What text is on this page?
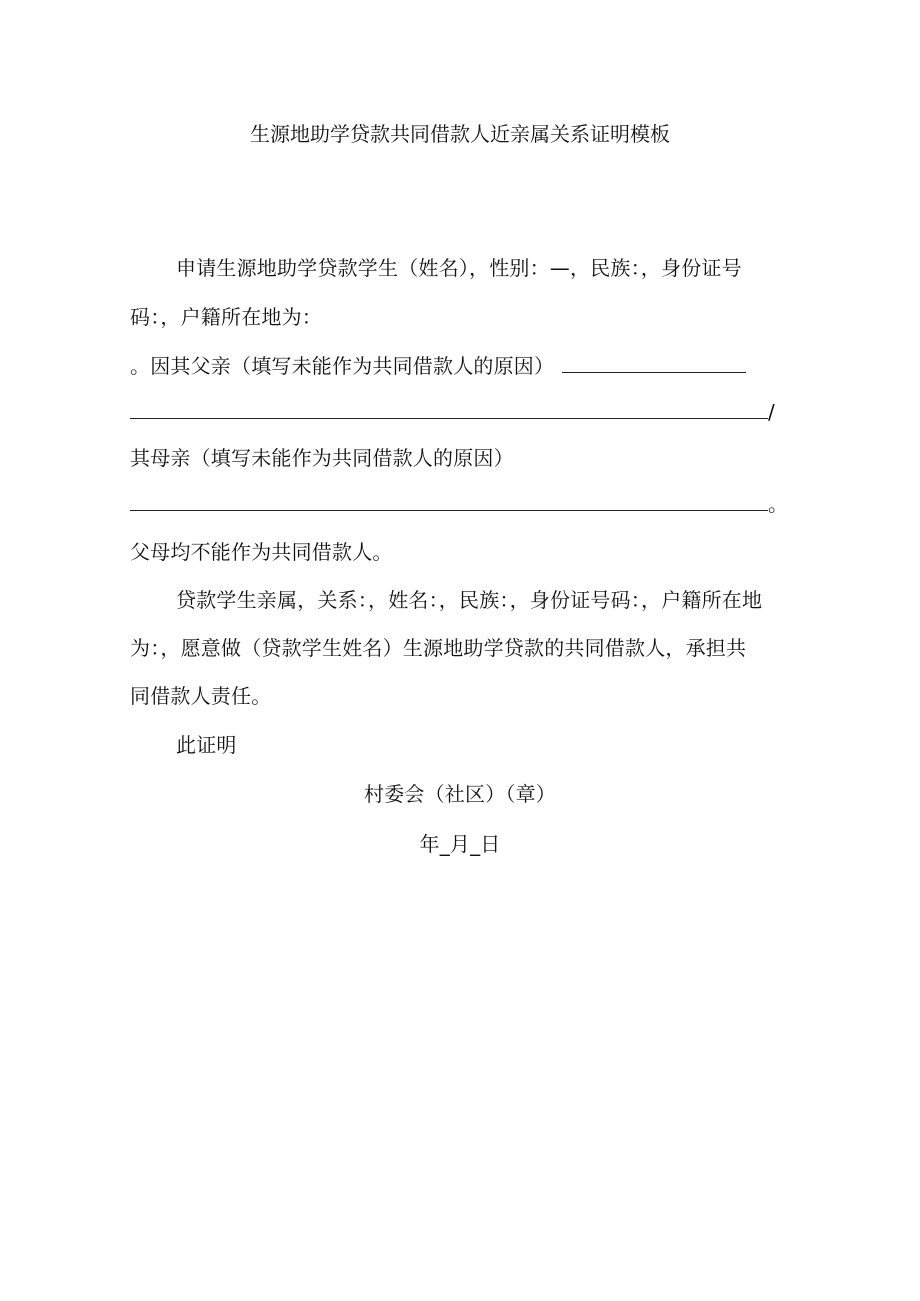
生源地助学贷款共同借款人近亲属关系证明模板
申请生源地助学贷款学生（姓名），性别：—，民族：，身份证号
码：，户籍所在地为：
。因其父亲（填写未能作为共同借款人的原因）
/
其母亲（填写未能作为共同借款人的原因）
。
父母均不能作为共同借款人。
贷款学生亲属，关系：，姓名：，民族：，身份证号码：，户籍所在地
为：，愿意做（贷款学生姓名）生源地助学贷款的共同借款人，承担共
同借款人责任。
此证明
村委会（社区）（章）
年_月_日
